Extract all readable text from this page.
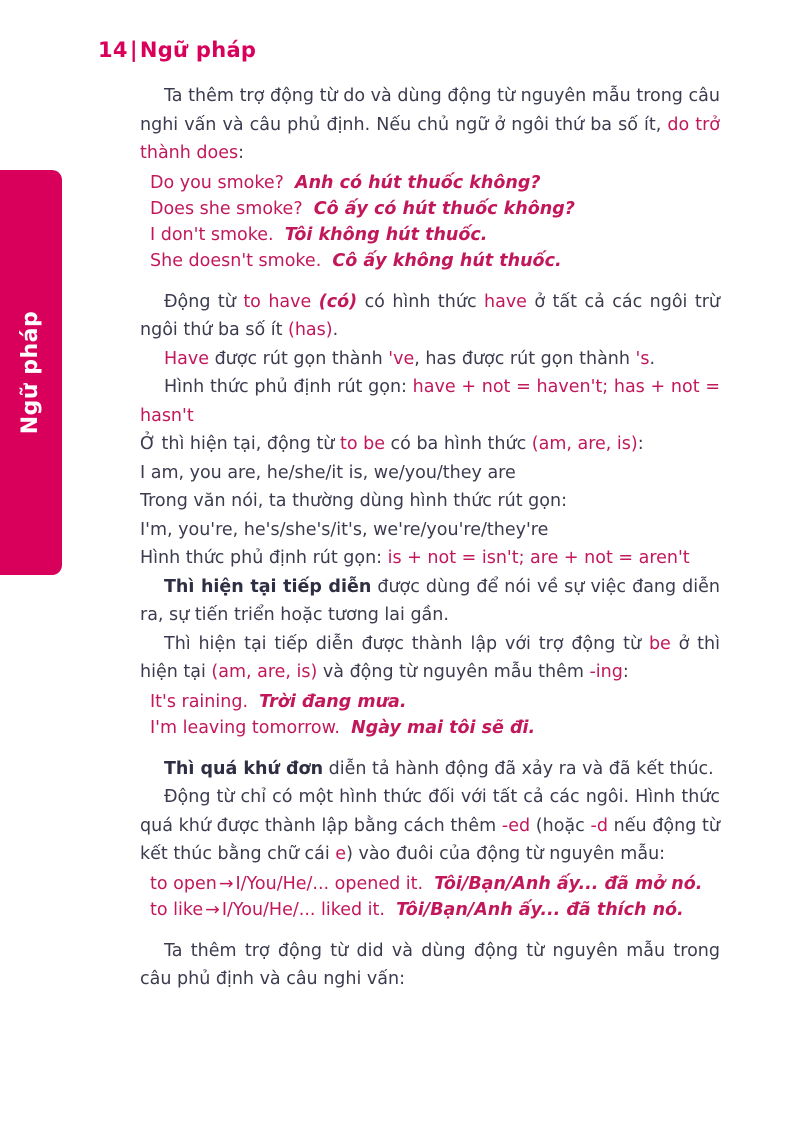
Ngữ pháp
14|Ngữ pháp

Ta thêm trợ động từ do và dùng động từ nguyên mẫu trong câu nghi vấn và câu phủ định. Nếu chủ ngữ ở ngôi thứ ba số ít, do trở thành does:

Do you smoke? Anh có hút thuốc không?

Does she smoke? Cô ấy có hút thuốc không?

I don't smoke. Tôi không hút thuốc.

She doesn't smoke. Cô ấy không hút thuốc.

Động từ to have (có) có hình thức have ở tất cả các ngôi trừ ngôi thứ ba số ít (has).

Have được rút gọn thành 've, has được rút gọn thành 's.

Hình thức phủ định rút gọn: have + not = haven't; has + not = hasn't

Ở thì hiện tại, động từ to be có ba hình thức (am, are, is):

I am, you are, he/she/it is, we/you/they are

Trong văn nói, ta thường dùng hình thức rút gọn:

I'm, you're, he's/she's/it's, we're/you're/they're

Hình thức phủ định rút gọn: is + not = isn't; are + not = aren't

Thì hiện tại tiếp diễn được dùng để nói về sự việc đang diễn ra, sự tiến triển hoặc tương lai gần.

Thì hiện tại tiếp diễn được thành lập với trợ động từ be ở thì hiện tại (am, are, is) và động từ nguyên mẫu thêm -ing:

It's raining. Trời đang mưa.

I'm leaving tomorrow. Ngày mai tôi sẽ đi.

Thì quá khứ đơn diễn tả hành động đã xảy ra và đã kết thúc.

Động từ chỉ có một hình thức đối với tất cả các ngôi. Hình thức quá khứ được thành lập bằng cách thêm -ed (hoặc -d nếu động từ kết thúc bằng chữ cái e) vào đuôi của động từ nguyên mẫu:

to open → I/You/He/... opened it. Tôi/Bạn/Anh ấy... đã mở nó.

to like → I/You/He/... liked it. Tôi/Bạn/Anh ấy... đã thích nó.

Ta thêm trợ động từ did và dùng động từ nguyên mẫu trong câu phủ định và câu nghi vấn:
